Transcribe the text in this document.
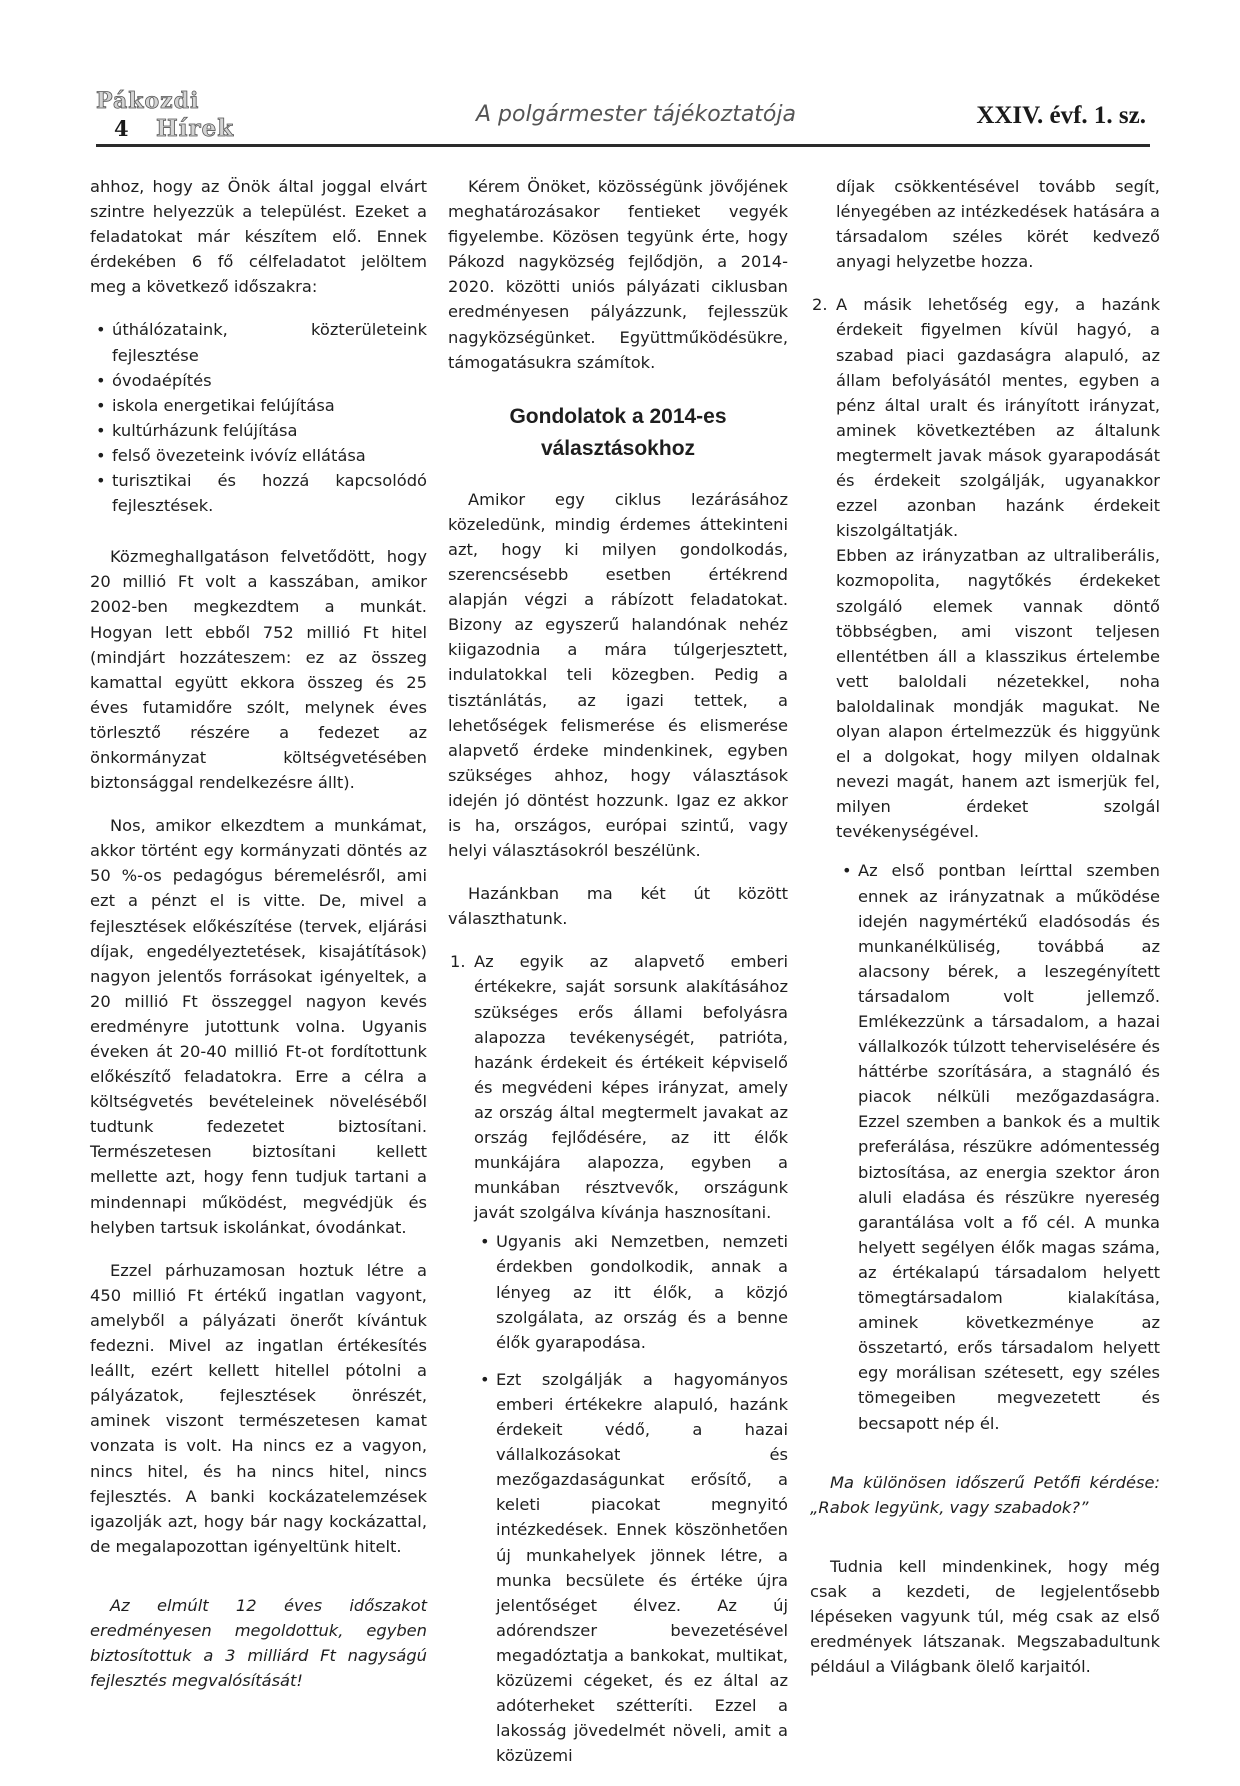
Pákozdi
4 Hírek
A polgármester tájékoztatója	XXIV. évf. 1. sz.

ahhoz, hogy az Önök által joggal elvárt szintre helyezzük a települést. Ezeket a feladatokat már készítem elő. Ennek érdekében 6 fő célfeladatot jelöltem meg a következő időszakra:

• úthálózataink, közterületeink fejlesztése
• óvodaépítés
• iskola energetikai felújítása
• kultúrházunk felújítása
• felső övezeteink ivóvíz ellátása
• turisztikai és hozzá kapcsolódó fejlesztések.

Közmeghallgatáson felvetődött, hogy 20 millió Ft volt a kasszában, amikor 2002-ben megkezdtem a munkát. Hogyan lett ebből 752 millió Ft hitel (mindjárt hozzáteszem: ez az összeg kamattal együtt ekkora összeg és 25 éves futamidőre szólt, melynek éves törlesztő részére a fedezet az önkormányzat költségvetésében biztonsággal rendelkezésre állt).

Nos, amikor elkezdtem a munkámat, akkor történt egy kormányzati döntés az 50 %-os pedagógus béremelésről, ami ezt a pénzt el is vitte. De, mivel a fejlesztések előkészítése (tervek, eljárási díjak, engedélyeztetések, kisajátítások) nagyon jelentős forrásokat igényeltek, a 20 millió Ft összeggel nagyon kevés eredményre jutottunk volna. Ugyanis éveken át 20-40 millió Ft-ot fordítottunk előkészítő feladatokra. Erre a célra a költségvetés bevételeinek növeléséből tudtunk fedezetet biztosítani. Természetesen biztosítani kellett mellette azt, hogy fenn tudjuk tartani a mindennapi működést, megvédjük és helyben tartsuk iskolánkat, óvodánkat.

Ezzel párhuzamosan hoztuk létre a 450 millió Ft értékű ingatlan vagyont, amelyből a pályázati önerőt kívántuk fedezni. Mivel az ingatlan értékesítés leállt, ezért kellett hitellel pótolni a pályázatok, fejlesztések önrészét, aminek viszont természetesen kamat vonzata is volt. Ha nincs ez a vagyon, nincs hitel, és ha nincs hitel, nincs fejlesztés. A banki kockázatelemzések igazolják azt, hogy bár nagy kockázattal, de megalapozottan igényeltünk hitelt.

Az elmúlt 12 éves időszakot eredményesen megoldottuk, egyben biztosítottuk a 3 milliárd Ft nagyságú fejlesztés megvalósítását!

Kérem Önöket, közösségünk jövőjének meghatározásakor fentieket vegyék figyelembe. Közösen tegyünk érte, hogy Pákozd nagyközség fejlődjön, a 2014-2020. közötti uniós pályázati ciklusban eredményesen pályázzunk, fejlesszük nagyközségünket. Együttműködésükre, támogatásukra számítok.

Gondolatok a 2014-es választásokhoz

Amikor egy ciklus lezárásához közeledünk, mindig érdemes áttekinteni azt, hogy ki milyen gondolkodás, szerencsésebb esetben értékrend alapján végzi a rábízott feladatokat. Bizony az egyszerű halandónak nehéz kiigazodnia a mára túlgerjesztett, indulatokkal teli közegben. Pedig a tisztánlátás, az igazi tettek, a lehetőségek felismerése és elismerése alapvető érdeke mindenkinek, egyben szükséges ahhoz, hogy választások idején jó döntést hozzunk. Igaz ez akkor is ha, országos, európai szintű, vagy helyi választásokról beszélünk.

Hazánkban ma két út között választhatunk.

1. Az egyik az alapvető emberi értékekre, saját sorsunk alakításához szükséges erős állami befolyásra alapozza tevékenységét, patrióta, hazánk érdekeit és értékeit képviselő és megvédeni képes irányzat, amely az ország által megtermelt javakat az ország fejlődésére, az itt élők munkájára alapozza, egyben a munkában résztvevők, országunk javát szolgálva kívánja hasznosítani.
• Ugyanis aki Nemzetben, nemzeti érdekben gondolkodik, annak a lényeg az itt élők, a közjó szolgálata, az ország és a benne élők gyarapodása.
• Ezt szolgálják a hagyományos emberi értékekre alapuló, hazánk érdekeit védő, a hazai vállalkozásokat és mezőgazdaságunkat erősítő, a keleti piacokat megnyitó intézkedések. Ennek köszönhetően új munkahelyek jönnek létre, a munka becsülete és értéke újra jelentőséget élvez. Az új adórendszer bevezetésével megadóztatja a bankokat, multikat, közüzemi cégeket, és ez által az adóterheket szétteríti. Ezzel a lakosság jövedelmét növeli, amit a közüzemi
díjak csökkentésével tovább segít, lényegében az intézkedések hatására a társadalom széles körét kedvező anyagi helyzetbe hozza.
2. A másik lehetőség egy, a hazánk érdekeit figyelmen kívül hagyó, a szabad piaci gazdaságra alapuló, az állam befolyásától mentes, egyben a pénz által uralt és irányított irányzat, aminek következtében az általunk megtermelt javak mások gyarapodását és érdekeit szolgálják, ugyanakkor ezzel azonban hazánk érdekeit kiszolgáltatják.
Ebben az irányzatban az ultraliberális, kozmopolita, nagytőkés érdekeket szolgáló elemek vannak döntő többségben, ami viszont teljesen ellentétben áll a klasszikus értelembe vett baloldali nézetekkel, noha baloldalinak mondják magukat. Ne olyan alapon értelmezzük és higgyünk el a dolgokat, hogy milyen oldalnak nevezi magát, hanem azt ismerjük fel, milyen érdeket szolgál tevékenységével.
• Az első pontban leírttal szemben ennek az irányzatnak a működése idején nagymértékű eladósodás és munkanélküliség, továbbá az alacsony bérek, a leszegényített társadalom volt jellemző. Emlékezzünk a társadalom, a hazai vállalkozók túlzott teherviselésére és háttérbe szorítására, a stagnáló és piacok nélküli mezőgazdaságra. Ezzel szemben a bankok és a multik preferálása, részükre adómentesség biztosítása, az energia szektor áron aluli eladása és részükre nyereség garantálása volt a fő cél. A munka helyett segélyen élők magas száma, az értékalapú társadalom helyett tömegtársadalom kialakítása, aminek következménye az összetartó, erős társadalom helyett egy morálisan szétesett, egy széles tömegeiben megvezetett és becsapott nép él.

Ma különösen időszerű Petőfi kérdése: „Rabok legyünk, vagy szabadok?”

Tudnia kell mindenkinek, hogy még csak a kezdeti, de legjelentősebb lépéseken vagyunk túl, még csak az első eredmények látszanak. Megszabadultunk például a Világbank ölelő karjaitól.
